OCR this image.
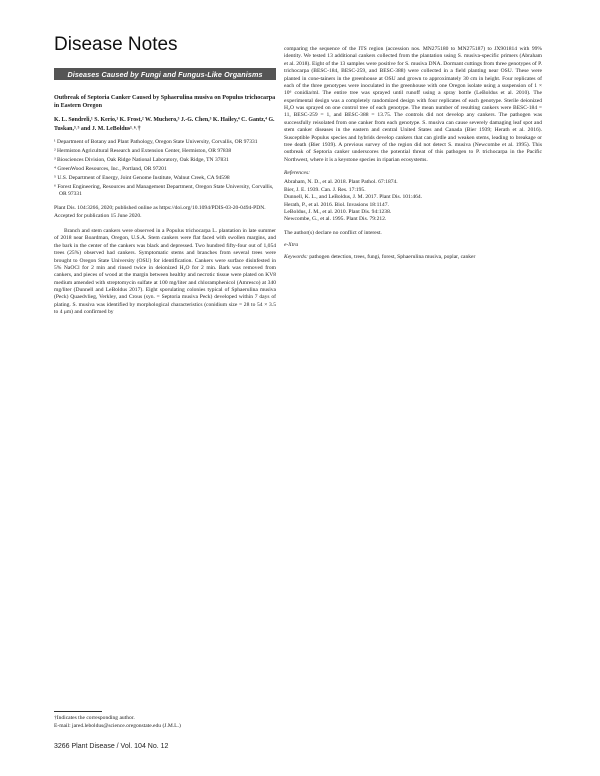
Disease Notes
Diseases Caused by Fungi and Fungus-Like Organisms

Outbreak of Septoria Canker Caused by Sphaerulina musiva on Populus trichocarpa in Eastern Oregon

K. L. Søndreli,¹ S. Kerio,¹ K. Frost,² W. Muchero,³ J.-G. Chen,³ K. Hailey,⁴ C. Gantz,⁴ G. Tuskan,³˒⁵ and J. M. LeBoldus¹˒⁶˒†

¹ Department of Botany and Plant Pathology, Oregon State University, Corvallis, OR 97331
² Hermiston Agricultural Research and Extension Center, Hermiston, OR 97838
³ Biosciences Division, Oak Ridge National Laboratory, Oak Ridge, TN 37831
⁴ GreenWood Resources, Inc., Portland, OR 97201
⁵ U.S. Department of Energy, Joint Genome Institute, Walnut Creek, CA 94598
⁶ Forest Engineering, Resources and Management Department, Oregon State University, Corvallis, OR 97331

Plant Dis. 104:3266, 2020; published online as https://doi.org/10.1094/PDIS-03-20-0494-PDN. Accepted for publication 15 June 2020.

Branch and stem cankers were observed in a Populus trichocarpa L. plantation in late summer of 2018 near Boardman, Oregon, U.S.A. Stem cankers were flat faced with swollen margins, and the bark in the center of the cankers was black and depressed. Two hundred fifty-four out of 1,054 trees (25%) observed had cankers. Symptomatic stems and branches from several trees were brought to Oregon State University (OSU) for identification. Cankers were surface disinfested in 5% NaOCl for 2 min and rinsed twice in deionized H₂O for 2 min. Bark was removed from cankers, and pieces of wood at the margin between healthy and necrotic tissue were plated on KV8 medium amended with streptomycin sulfate at 100 mg/liter and chloramphenicol (Amresco) at 340 mg/liter (Dunnell and LeBoldus 2017). Eight sporulating colonies typical of Sphaerulina musiva (Peck) Quaedvlieg, Verkley, and Crous (syn. = Septoria musiva Peck) developed within 7 days of plating. S. musiva was identified by morphological characteristics (conidium size = 28 to 54 × 3.5 to 4 μm) and confirmed by

comparing the sequence of the ITS region (accession nos. MN275180 to MN275187) to JX901814 with 99% identity. We tested 13 additional cankers collected from the plantation using S. musiva-specific primers (Abraham et al. 2018). Eight of the 13 samples were positive for S. musiva DNA. Dormant cuttings from three genotypes of P. trichocarpa (BESC-184, BESC-259, and BESC-388) were collected in a field planting near OSU. These were planted in cone-tainers in the greenhouse at OSU and grown to approximately 30 cm in height. Four replicates of each of the three genotypes were inoculated in the greenhouse with one Oregon isolate using a suspension of 1 × 10⁶ conidia/ml. The entire tree was sprayed until runoff using a spray bottle (LeBoldus et al. 2010). The experimental design was a completely randomized design with four replicates of each genotype. Sterile deionized H₂O was sprayed on one control tree of each genotype. The mean number of resulting cankers were BESC-184 = 11, BESC-259 = 1, and BESC-388 = 13.75. The controls did not develop any cankers. The pathogen was successfully reisolated from one canker from each genotype. S. musiva can cause severely damaging leaf spot and stem canker diseases in the eastern and central United States and Canada (Bier 1939; Herath et al. 2016). Susceptible Populus species and hybrids develop cankers that can girdle and weaken stems, leading to breakage or tree death (Bier 1939). A previous survey of the region did not detect S. musiva (Newcombe et al. 1995). This outbreak of Septoria canker underscores the potential threat of this pathogen to P. trichocarpa in the Pacific Northwest, where it is a keystone species in riparian ecosystems.

References:

Abraham, N. D., et al. 2018. Plant Pathol. 67:1874.
Bier, J. E. 1939. Can. J. Res. 17:195.
Dunnell, K. L., and LeBoldus, J. M. 2017. Plant Dis. 101:464.
Herath, P., et al. 2016. Biol. Invasions 18:1147.
LeBoldus, J. M., et al. 2010. Plant Dis. 94:1238.
Newcombe, G., et al. 1995. Plant Dis. 79:212.

The author(s) declare no conflict of interest.

e-Xtra

Keywords: pathogen detection, trees, fungi, forest, Sphaerulina musiva, poplar, canker

†Indicates the corresponding author.
E-mail: jared.leboldus@science.oregonstate.edu (J.M.L.)
3266 Plant Disease / Vol. 104 No. 12
